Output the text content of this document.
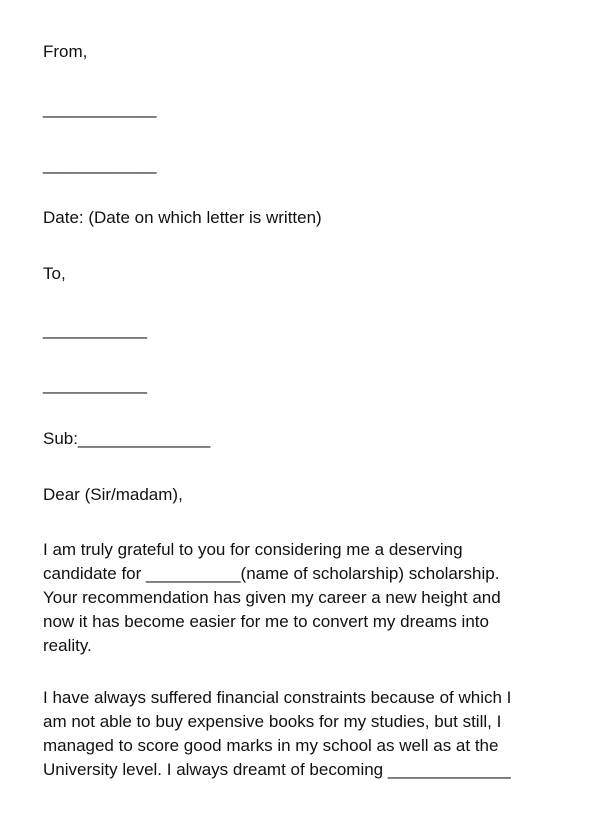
From,

____________

____________

Date: (Date on which letter is written)

To,

___________

___________

Sub:______________

Dear (Sir/madam),

I am truly grateful to you for considering me a deserving
candidate for __________(name of scholarship) scholarship.
Your recommendation has given my career a new height and
now it has become easier for me to convert my dreams into
reality.
I have always suffered financial constraints because of which I
am not able to buy expensive books for my studies, but still, I
managed to score good marks in my school as well as at the
University level. I always dreamt of becoming _____________
